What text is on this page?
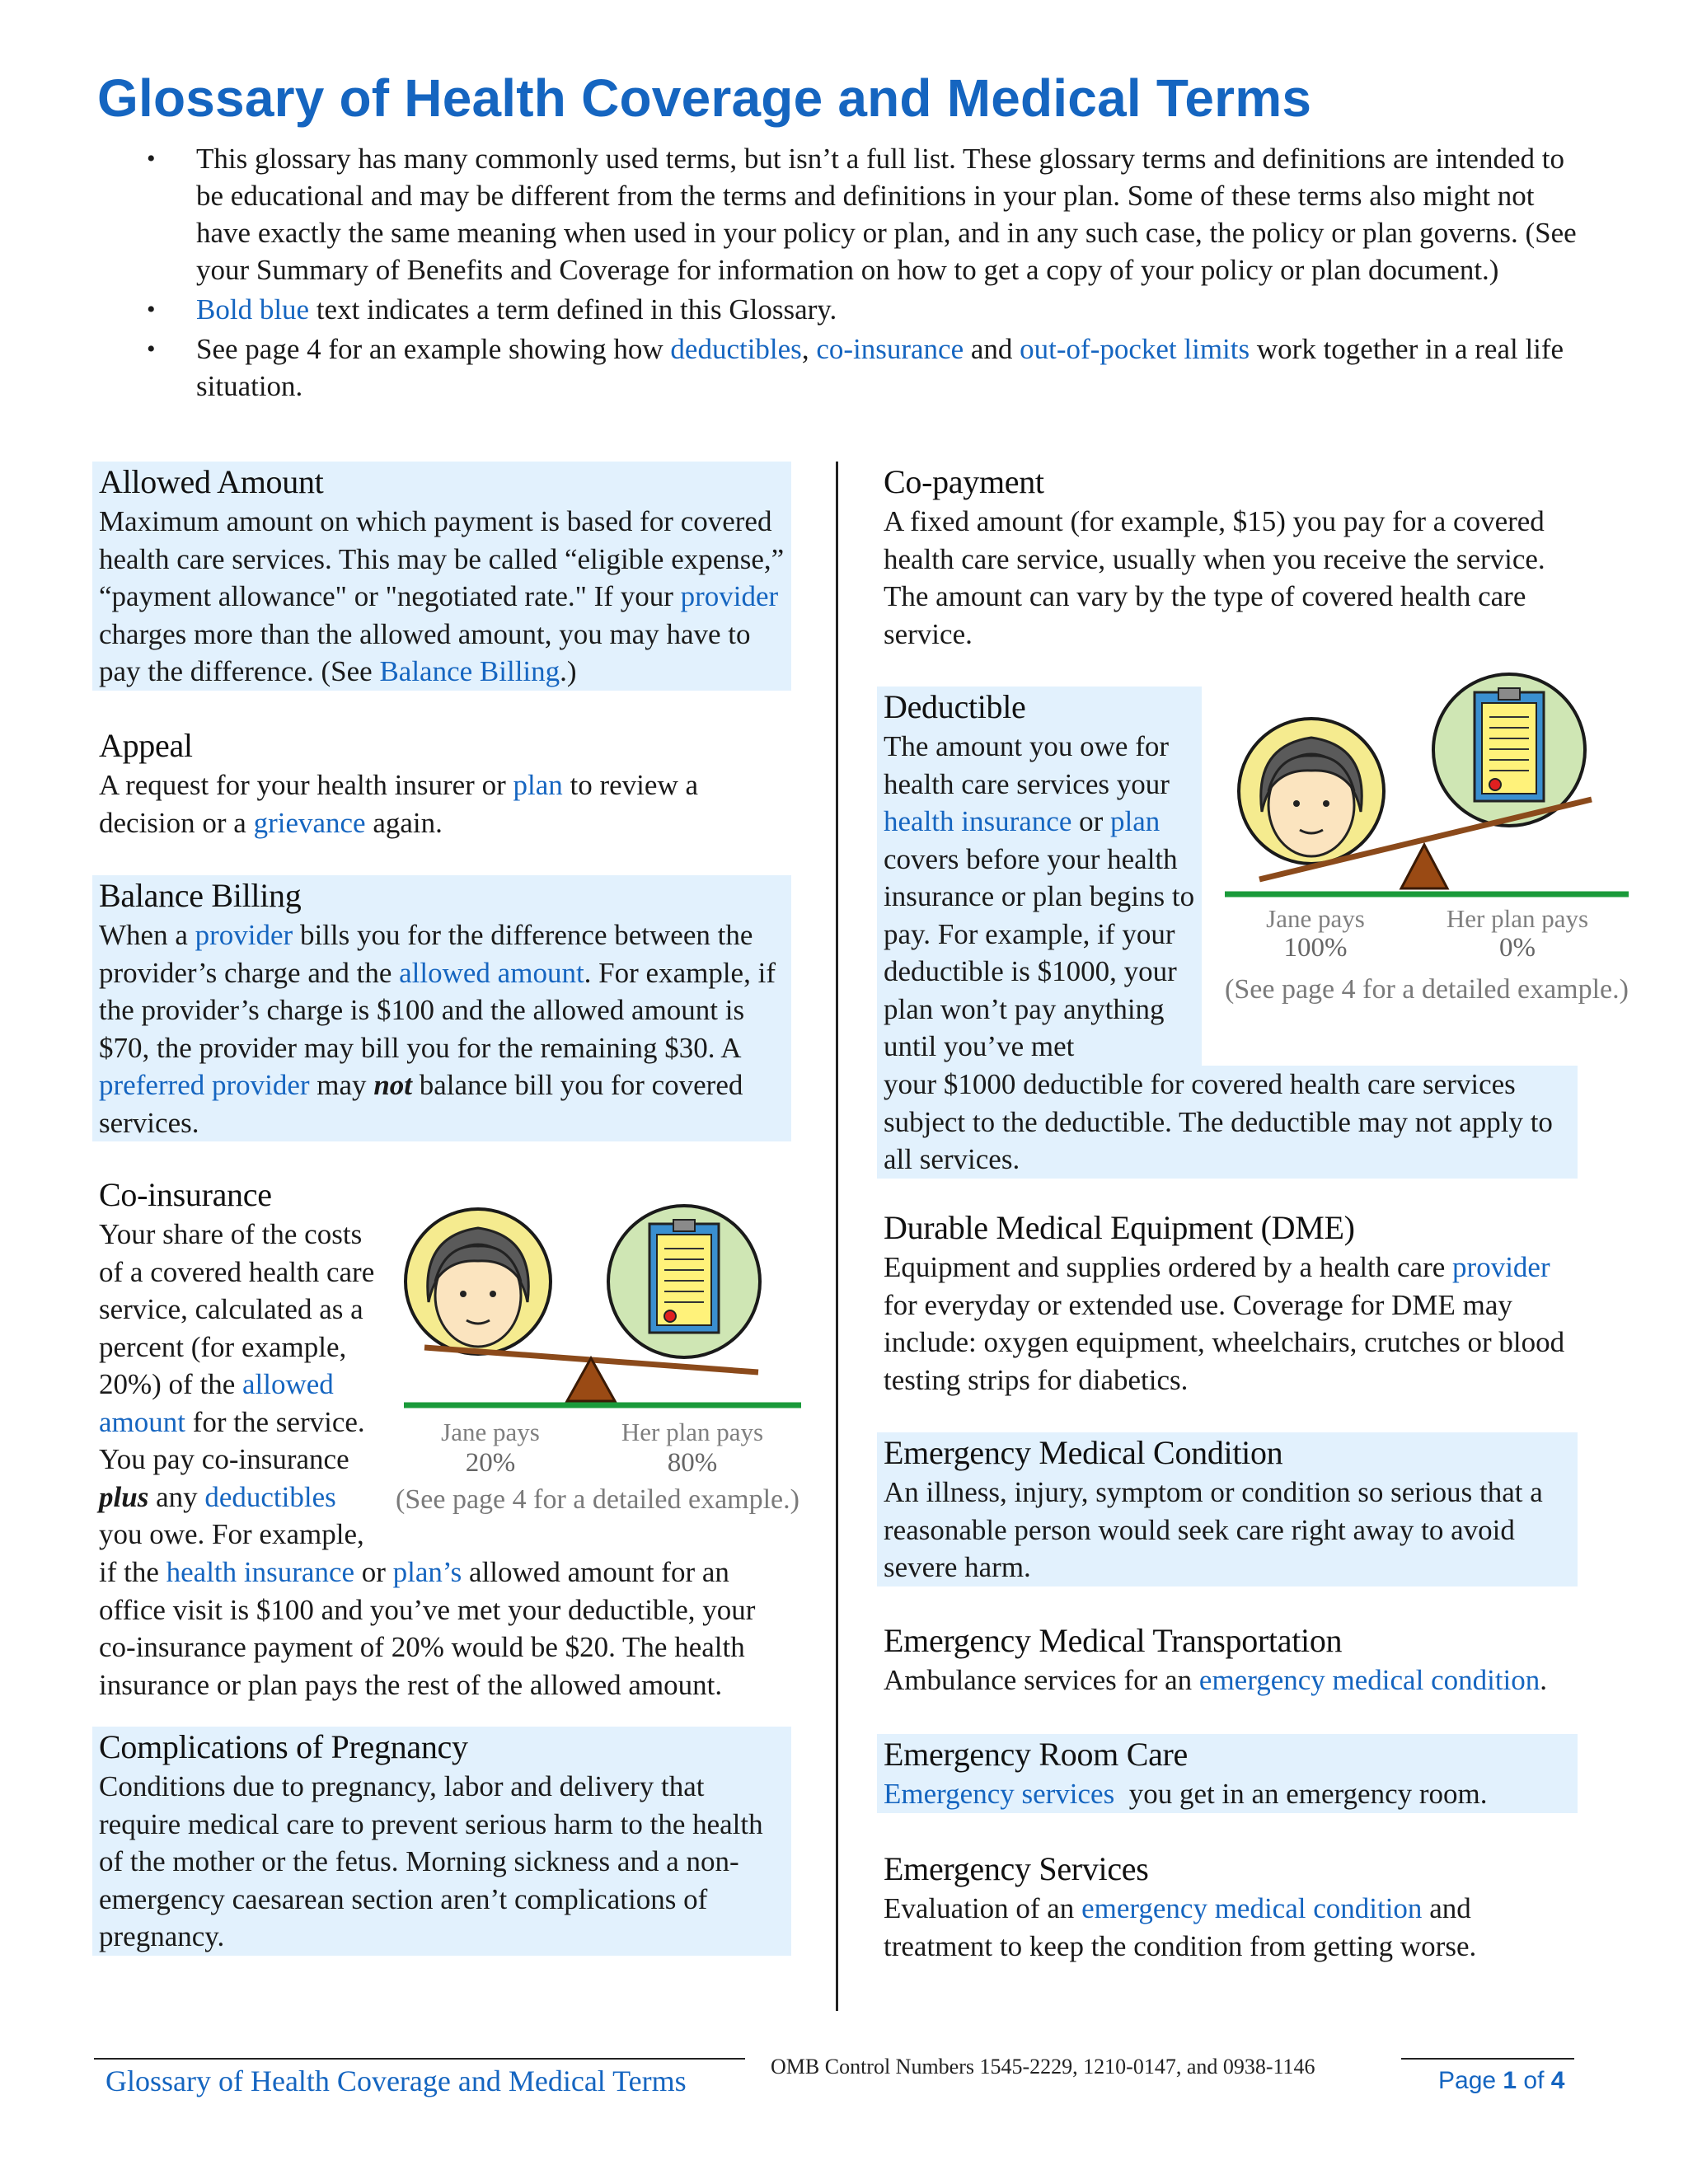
Glossary of Health Coverage and Medical Terms
•	This glossary has many commonly used terms, but isn’t a full list. These glossary terms and definitions are intended to be educational and may be different from the terms and definitions in your plan. Some of these terms also might not have exactly the same meaning when used in your policy or plan, and in any such case, the policy or plan governs. (See your Summary of Benefits and Coverage for information on how to get a copy of your policy or plan document.)
•	Bold blue text indicates a term defined in this Glossary.
•	See page 4 for an example showing how deductibles, co-insurance and out-of-pocket limits work together in a real life situation.
Allowed Amount

Maximum amount on which payment is based for covered health care services. This may be called “eligible expense,” “payment allowance" or "negotiated rate." If your provider charges more than the allowed amount, you may have to pay the difference. (See Balance Billing.)

Appeal

A request for your health insurer or plan to review a decision or a grievance again.

Balance Billing

When a provider bills you for the difference between the provider’s charge and the allowed amount. For example, if the provider’s charge is $100 and the allowed amount is $70, the provider may bill you for the remaining $30. A preferred provider may not balance bill you for covered services.

Co-insurance

Your share of the costs of a covered health care service, calculated as a percent (for example, 20%) of the allowed amount for the service. You pay co-insurance plus any deductibles you owe. For example,

if the health insurance or plan’s allowed amount for an office visit is $100 and you’ve met your deductible, your co-insurance payment of 20% would be $20. The health insurance or plan pays the rest of the allowed amount.

Jane pays
20%
Her plan pays
80%
(See page 4 for a detailed example.)
Complications of Pregnancy

Conditions due to pregnancy, labor and delivery that require medical care to prevent serious harm to the health of the mother or the fetus. Morning sickness and a non-emergency caesarean section aren’t complications of pregnancy.

Co-payment

A fixed amount (for example, $15) you pay for a covered health care service, usually when you receive the service. The amount can vary by the type of covered health care service.

Deductible

The amount you owe for health care services your health insurance or plan covers before your health insurance or plan begins to pay. For example, if your deductible is $1000, your plan won’t pay anything until you’ve met

your $1000 deductible for covered health care services subject to the deductible. The deductible may not apply to all services.

Jane pays
100%
Her plan pays
0%
(See page 4 for a detailed example.)
Durable Medical Equipment (DME)

Equipment and supplies ordered by a health care provider for everyday or extended use. Coverage for DME may include: oxygen equipment, wheelchairs, crutches or blood testing strips for diabetics.

Emergency Medical Condition

An illness, injury, symptom or condition so serious that a reasonable person would seek care right away to avoid severe harm.

Emergency Medical Transportation

Ambulance services for an emergency medical condition.

Emergency Room Care

Emergency services  you get in an emergency room.

Emergency Services

Evaluation of an emergency medical condition and treatment to keep the condition from getting worse.

Glossary of Health Coverage and Medical Terms	OMB Control Numbers 1545-2229, 1210-0147, and 0938-1146
Page 1 of 4
